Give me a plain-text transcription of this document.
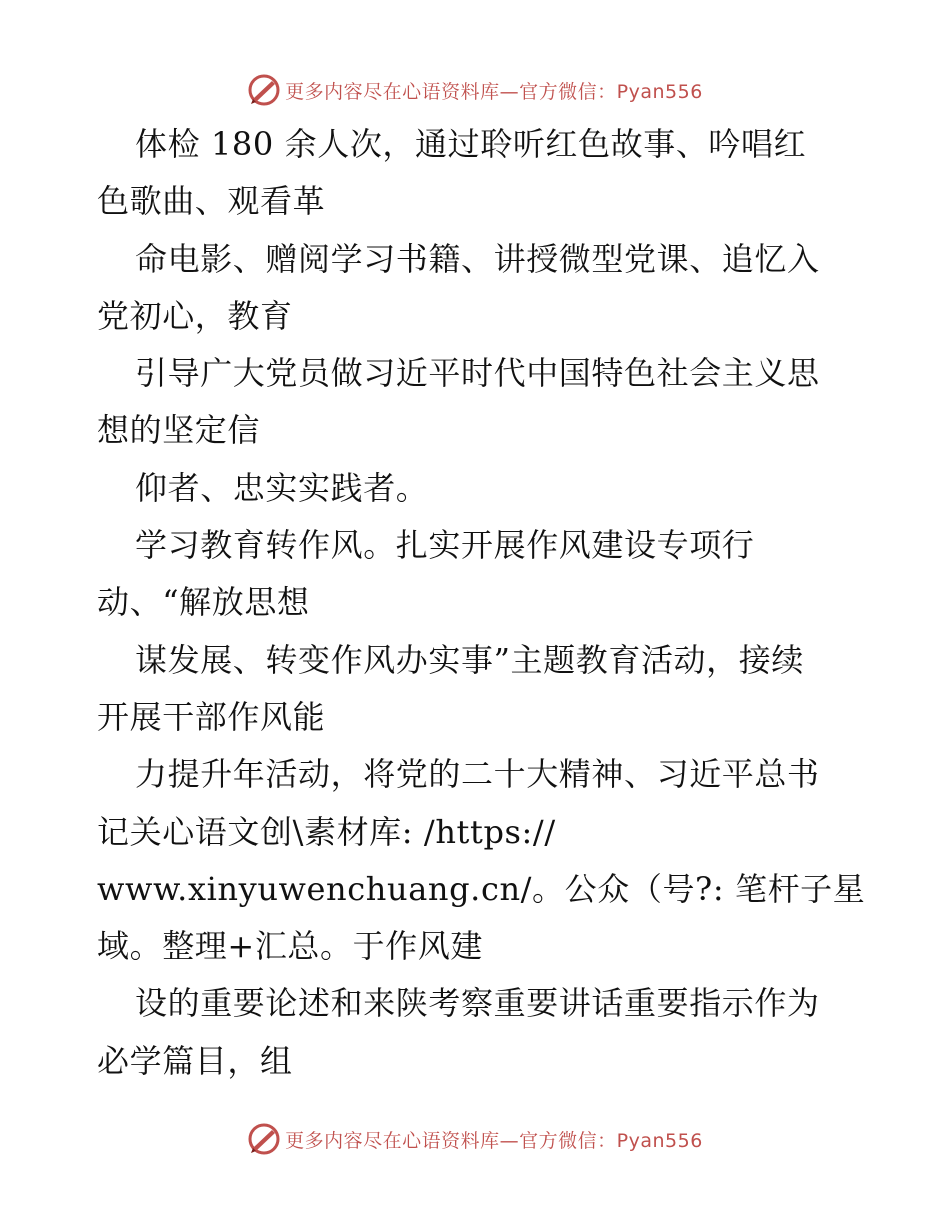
更多内容尽在心语资料库—官方微信：Pyan556
体检 180 余人次，通过聆听红色故事、吟唱红
色歌曲、观看革
命电影、赠阅学习书籍、讲授微型党课、追忆入
党初心，教育
引导广大党员做习近平时代中国特色社会主义思
想的坚定信
仰者、忠实实践者。
学习教育转作风。扎实开展作风建设专项行
动、“解放思想
谋发展、转变作风办实事”主题教育活动，接续
开展干部作风能
力提升年活动，将党的二十大精神、习近平总书
记关心语文创\素材库: /https://
www.xinyuwenchuang.cn/。公众（号?: 笔杆子星
域。整理+汇总。于作风建
设的重要论述和来陕考察重要讲话重要指示作为
必学篇目，组
更多内容尽在心语资料库—官方微信：Pyan556
